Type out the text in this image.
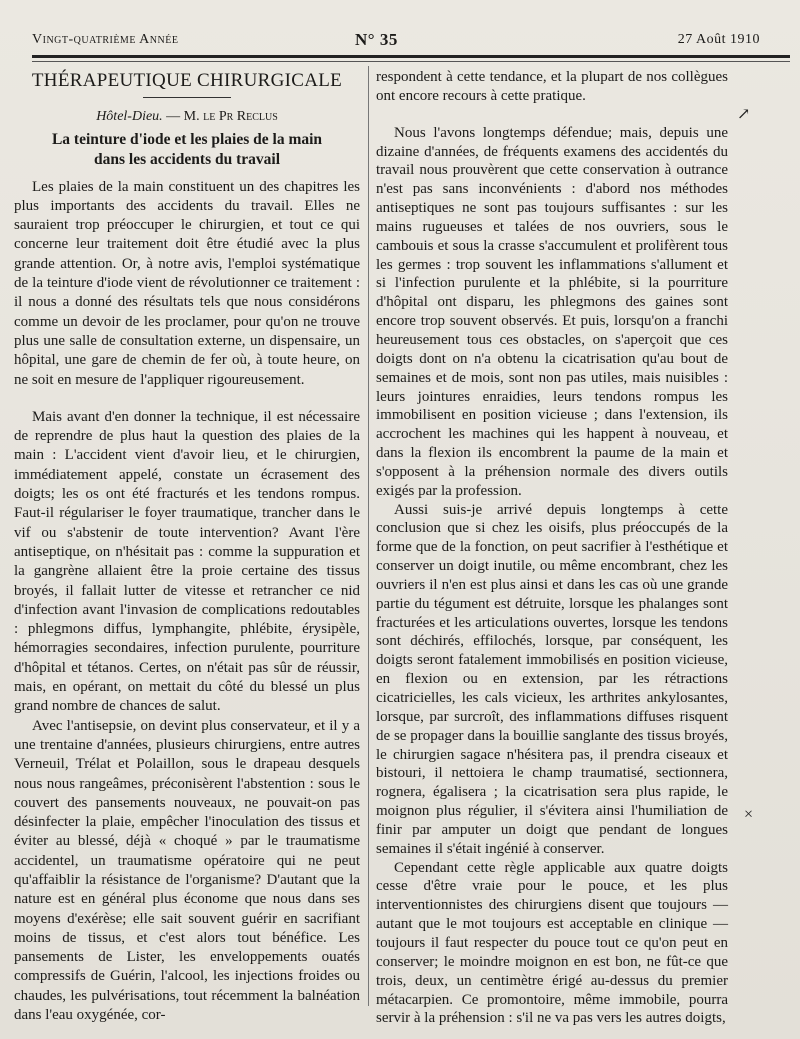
Vingt-quatrième Année	N° 35	27 Août 1910
THÉRAPEUTIQUE CHIRURGICALE
Hôtel-Dieu. — M. le Pr Reclus
La teinture d'iode et les plaies de la main
dans les accidents du travail

Les plaies de la main constituent un des chapitres les plus importants des accidents du travail. Elles ne sauraient trop préoccuper le chirurgien, et tout ce qui concerne leur traitement doit être étudié avec la plus grande attention. Or, à notre avis, l'emploi systématique de la teinture d'iode vient de révolutionner ce traitement : il nous a donné des résultats tels que nous considérons comme un devoir de les proclamer, pour qu'on ne trouve plus une salle de consultation externe, un dispensaire, un hôpital, une gare de chemin de fer où, à toute heure, on ne soit en mesure de l'appliquer rigoureusement.

Mais avant d'en donner la technique, il est nécessaire de reprendre de plus haut la question des plaies de la main : L'accident vient d'avoir lieu, et le chirurgien, immédiatement appelé, constate un écrasement des doigts; les os ont été fracturés et les tendons rompus. Faut-il régulariser le foyer traumatique, trancher dans le vif ou s'abstenir de toute intervention? Avant l'ère antiseptique, on n'hésitait pas : comme la suppuration et la gangrène allaient être la proie certaine des tissus broyés, il fallait lutter de vitesse et retrancher ce nid d'infection avant l'invasion de complications redoutables : phlegmons diffus, lymphangite, phlébite, érysipèle, hémorragies secondaires, infection purulente, pourriture d'hôpital et tétanos. Certes, on n'était pas sûr de réussir, mais, en opérant, on mettait du côté du blessé un plus grand nombre de chances de salut.

Avec l'antisepsie, on devint plus conservateur, et il y a une trentaine d'années, plusieurs chirurgiens, entre autres Verneuil, Trélat et Polaillon, sous le drapeau desquels nous nous rangeâmes, préconisèrent l'abstention : sous le couvert des pansements nouveaux, ne pouvait-on pas désinfecter la plaie, empêcher l'inoculation des tissus et éviter au blessé, déjà « choqué » par le traumatisme accidentel, un traumatisme opératoire qui ne peut qu'affaiblir la résistance de l'organisme? D'autant que la nature est en général plus économe que nous dans ses moyens d'exérèse; elle sait souvent guérir en sacrifiant moins de tissus, et c'est alors tout bénéfice. Les pansements de Lister, les enveloppements ouatés compressifs de Guérin, l'alcool, les injections froides ou chaudes, les pulvérisations, tout récemment la balnéation dans l'eau oxygénée, cor-

respondent à cette tendance, et la plupart de nos collègues ont encore recours à cette pratique.

Nous l'avons longtemps défendue; mais, depuis une dizaine d'années, de fréquents examens des accidentés du travail nous prouvèrent que cette conservation à outrance n'est pas sans inconvénients : d'abord nos méthodes antiseptiques ne sont pas toujours suffisantes : sur les mains rugueuses et talées de nos ouvriers, sous le cambouis et sous la crasse s'accumulent et prolifèrent tous les germes : trop souvent les inflammations s'allument et si l'infection purulente et la phlébite, si la pourriture d'hôpital ont disparu, les phlegmons des gaines sont encore trop souvent observés. Et puis, lorsqu'on a franchi heureusement tous ces obstacles, on s'aperçoit que ces doigts dont on n'a obtenu la cicatrisation qu'au bout de semaines et de mois, sont non pas utiles, mais nuisibles : leurs jointures enraidies, leurs tendons rompus les immobilisent en position vicieuse ; dans l'extension, ils accrochent les machines qui les happent à nouveau, et dans la flexion ils encombrent la paume de la main et s'opposent à la préhension normale des divers outils exigés par la profession.

Aussi suis-je arrivé depuis longtemps à cette conclusion que si chez les oisifs, plus préoccupés de la forme que de la fonction, on peut sacrifier à l'esthétique et conserver un doigt inutile, ou même encombrant, chez les ouvriers il n'en est plus ainsi et dans les cas où une grande partie du tégument est détruite, lorsque les phalanges sont fracturées et les articulations ouvertes, lorsque les tendons sont déchirés, effilochés, lorsque, par conséquent, les doigts seront fatalement immobilisés en position vicieuse, en flexion ou en extension, par les rétractions cicatricielles, les cals vicieux, les arthrites ankylosantes, lorsque, par surcroît, des inflammations diffuses risquent de se propager dans la bouillie sanglante des tissus broyés, le chirurgien sagace n'hésitera pas, il prendra ciseaux et bistouri, il nettoiera le champ traumatisé, sectionnera, rognera, égalisera ; la cicatrisation sera plus rapide, le moignon plus régulier, il s'évitera ainsi l'humiliation de finir par amputer un doigt que pendant de longues semaines il s'était ingénié à conserver.

Cependant cette règle applicable aux quatre doigts cesse d'être vraie pour le pouce, et les plus interventionnistes des chirurgiens disent que toujours — autant que le mot toujours est acceptable en clinique — toujours il faut respecter du pouce tout ce qu'on peut en conserver; le moindre moignon en est bon, ne fût-ce que trois, deux, un centimètre érigé au-dessus du premier métacarpien. Ce promontoire, même immobile, pourra servir à la préhension : s'il ne va pas vers les autres doigts,

↗
×
